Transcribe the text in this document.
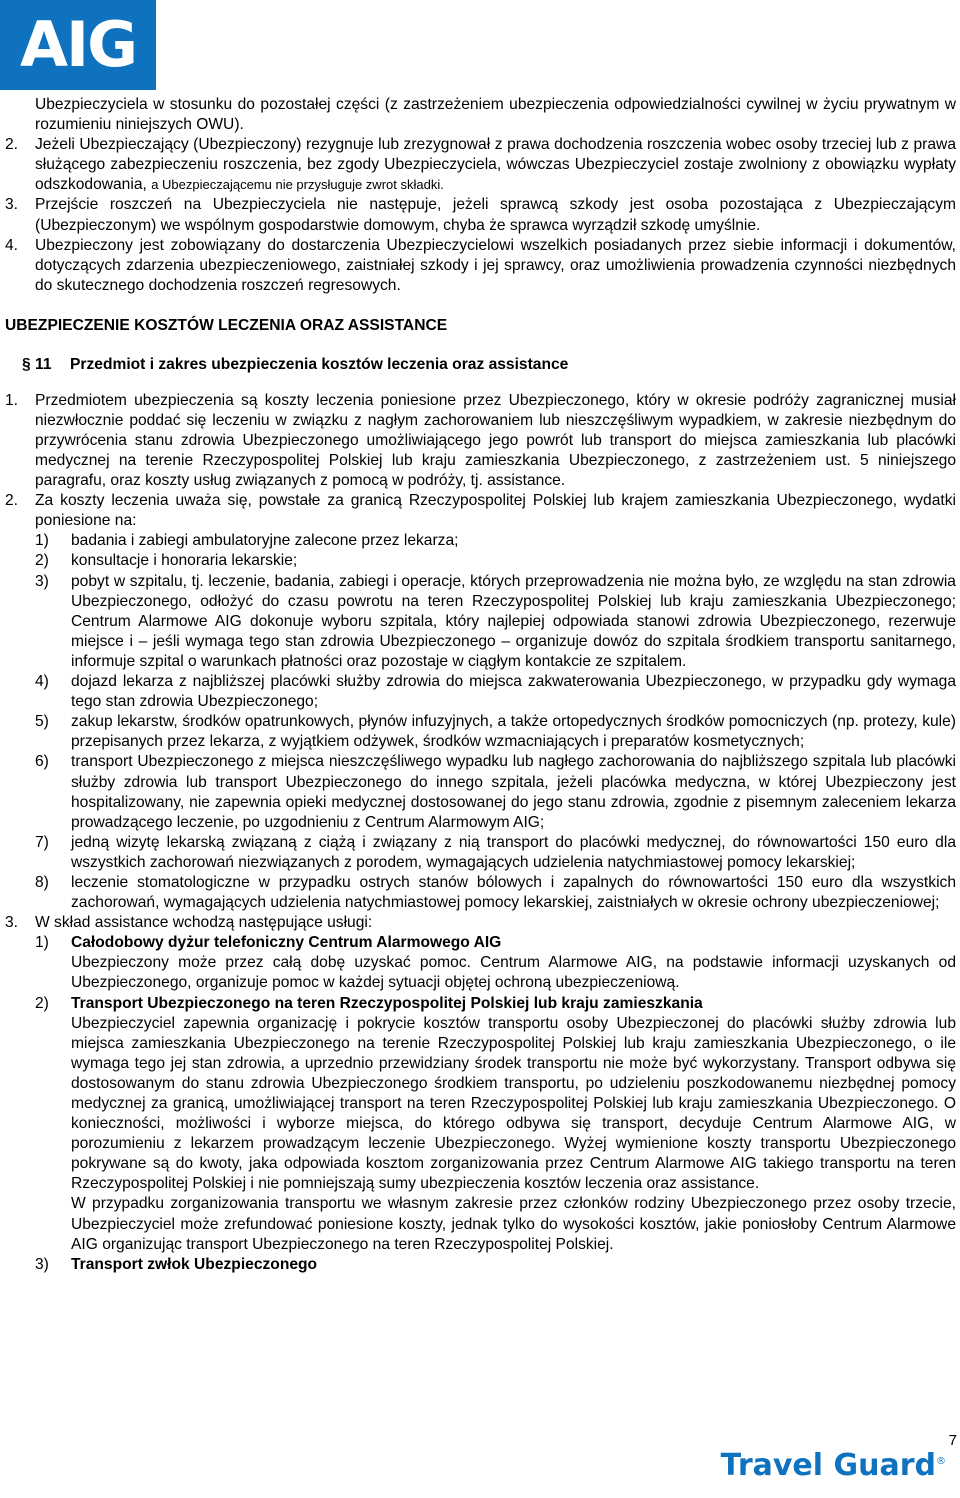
AIG

Ubezpieczyciela w stosunku do pozostałej części (z zastrzeżeniem ubezpieczenia odpowiedzialności cywilnej w życiu prywatnym w rozumieniu niniejszych OWU).

2. Jeżeli Ubezpieczający (Ubezpieczony) rezygnuje lub zrezygnował z prawa dochodzenia roszczenia wobec osoby trzeciej lub z prawa służącego zabezpieczeniu roszczenia, bez zgody Ubezpieczyciela, wówczas Ubezpieczyciel zostaje zwolniony z obowiązku wypłaty odszkodowania, a Ubezpieczającemu nie przysługuje zwrot składki.

3. Przejście roszczeń na Ubezpieczyciela nie następuje, jeżeli sprawcą szkody jest osoba pozostająca z Ubezpieczającym (Ubezpieczonym) we wspólnym gospodarstwie domowym, chyba że sprawca wyrządził szkodę umyślnie.

4. Ubezpieczony jest zobowiązany do dostarczenia Ubezpieczycielowi wszelkich posiadanych przez siebie informacji i dokumentów, dotyczących zdarzenia ubezpieczeniowego, zaistniałej szkody i jej sprawcy, oraz umożliwienia prowadzenia czynności niezbędnych do skutecznego dochodzenia roszczeń regresowych.

UBEZPIECZENIE KOSZTÓW LECZENIA ORAZ ASSISTANCE

§ 11 Przedmiot i zakres ubezpieczenia kosztów leczenia oraz assistance

1. Przedmiotem ubezpieczenia są koszty leczenia poniesione przez Ubezpieczonego, który w okresie podróży zagranicznej musiał niezwłocznie poddać się leczeniu w związku z nagłym zachorowaniem lub nieszczęśliwym wypadkiem, w zakresie niezbędnym do przywrócenia stanu zdrowia Ubezpieczonego umożliwiającego jego powrót lub transport do miejsca zamieszkania lub placówki medycznej na terenie Rzeczypospolitej Polskiej lub kraju zamieszkania Ubezpieczonego, z zastrzeżeniem ust. 5 niniejszego paragrafu, oraz koszty usług związanych z pomocą w podróży, tj. assistance.

2. Za koszty leczenia uważa się, powstałe za granicą Rzeczypospolitej Polskiej lub krajem zamieszkania Ubezpieczonego, wydatki poniesione na:

1) badania i zabiegi ambulatoryjne zalecone przez lekarza;

2) konsultacje i honoraria lekarskie;

3) pobyt w szpitalu, tj. leczenie, badania, zabiegi i operacje, których przeprowadzenia nie można było, ze względu na stan zdrowia Ubezpieczonego, odłożyć do czasu powrotu na teren Rzeczypospolitej Polskiej lub kraju zamieszkania Ubezpieczonego; Centrum Alarmowe AIG dokonuje wyboru szpitala, który najlepiej odpowiada stanowi zdrowia Ubezpieczonego, rezerwuje miejsce i – jeśli wymaga tego stan zdrowia Ubezpieczonego – organizuje dowóz do szpitala środkiem transportu sanitarnego, informuje szpital o warunkach płatności oraz pozostaje w ciągłym kontakcie ze szpitalem.

4) dojazd lekarza z najbliższej placówki służby zdrowia do miejsca zakwaterowania Ubezpieczonego, w przypadku gdy wymaga tego stan zdrowia Ubezpieczonego;

5) zakup lekarstw, środków opatrunkowych, płynów infuzyjnych, a także ortopedycznych środków pomocniczych (np. protezy, kule) przepisanych przez lekarza, z wyjątkiem odżywek, środków wzmacniających i preparatów kosmetycznych;

6) transport Ubezpieczonego z miejsca nieszczęśliwego wypadku lub nagłego zachorowania do najbliższego szpitala lub placówki służby zdrowia lub transport Ubezpieczonego do innego szpitala, jeżeli placówka medyczna, w której Ubezpieczony jest hospitalizowany, nie zapewnia opieki medycznej dostosowanej do jego stanu zdrowia, zgodnie z pisemnym zaleceniem lekarza prowadzącego leczenie, po uzgodnieniu z Centrum Alarmowym AIG;

7) jedną wizytę lekarską związaną z ciążą i związany z nią transport do placówki medycznej, do równowartości 150 euro dla wszystkich zachorowań niezwiązanych z porodem, wymagających udzielenia natychmiastowej pomocy lekarskiej;

8) leczenie stomatologiczne w przypadku ostrych stanów bólowych i zapalnych do równowartości 150 euro dla wszystkich zachorowań, wymagających udzielenia natychmiastowej pomocy lekarskiej, zaistniałych w okresie ochrony ubezpieczeniowej;

3. W skład assistance wchodzą następujące usługi:

1) Całodobowy dyżur telefoniczny Centrum Alarmowego AIG

Ubezpieczony może przez całą dobę uzyskać pomoc. Centrum Alarmowe AIG, na podstawie informacji uzyskanych od Ubezpieczonego, organizuje pomoc w każdej sytuacji objętej ochroną ubezpieczeniową.

2) Transport Ubezpieczonego na teren Rzeczypospolitej Polskiej lub kraju zamieszkania

Ubezpieczyciel zapewnia organizację i pokrycie kosztów transportu osoby Ubezpieczonej do placówki służby zdrowia lub miejsca zamieszkania Ubezpieczonego na terenie Rzeczypospolitej Polskiej lub kraju zamieszkania Ubezpieczonego, o ile wymaga tego jej stan zdrowia, a uprzednio przewidziany środek transportu nie może być wykorzystany. Transport odbywa się dostosowanym do stanu zdrowia Ubezpieczonego środkiem transportu, po udzieleniu poszkodowanemu niezbędnej pomocy medycznej za granicą, umożliwiającej transport na teren Rzeczypospolitej Polskiej lub kraju zamieszkania Ubezpieczonego. O konieczności, możliwości i wyborze miejsca, do którego odbywa się transport, decyduje Centrum Alarmowe AIG, w porozumieniu z lekarzem prowadzącym leczenie Ubezpieczonego. Wyżej wymienione koszty transportu Ubezpieczonego pokrywane są do kwoty, jaka odpowiada kosztom zorganizowania przez Centrum Alarmowe AIG takiego transportu na teren Rzeczypospolitej Polskiej i nie pomniejszają sumy ubezpieczenia kosztów leczenia oraz assistance.

W przypadku zorganizowania transportu we własnym zakresie przez członków rodziny Ubezpieczonego przez osoby trzecie, Ubezpieczyciel może zrefundować poniesione koszty, jednak tylko do wysokości kosztów, jakie poniosłoby Centrum Alarmowe AIG organizując transport Ubezpieczonego na teren Rzeczypospolitej Polskiej.

3) Transport zwłok Ubezpieczonego

7
Travel Guard®
